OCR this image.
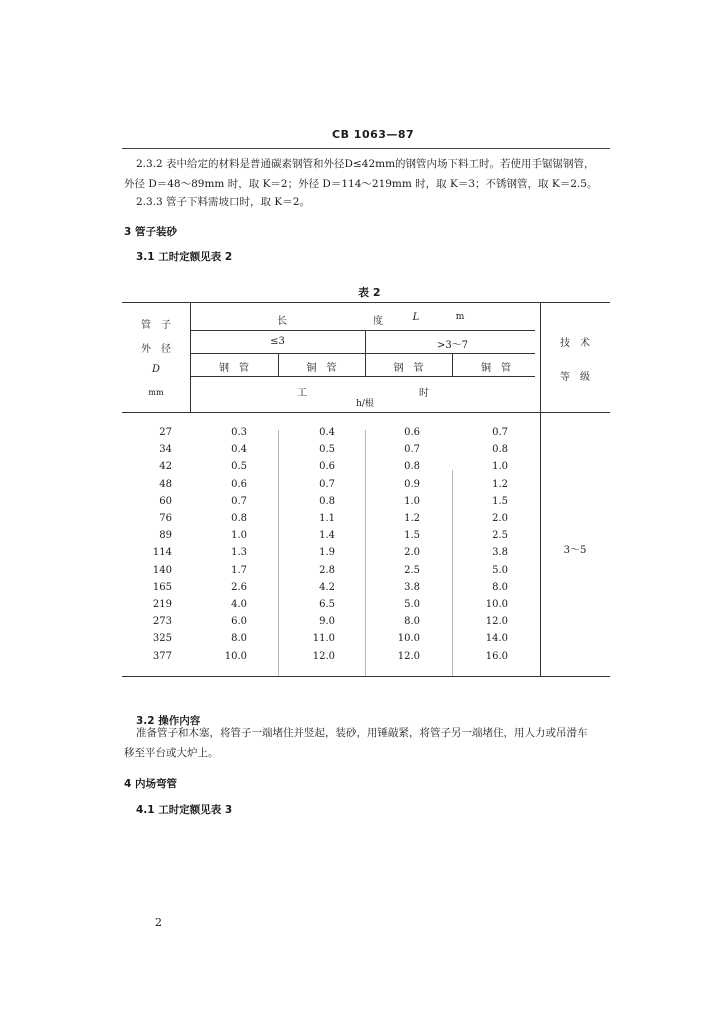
CB 1063—87
2.3.2 表中给定的材料是普通碳素钢管和外径D≤42mm的钢管内场下料工时。若使用手锯锯钢管，
外径 D＝48～89mm 时，取 K＝2；外径 D＝114～219mm 时，取 K＝3；不锈钢管，取 K＝2.5。
2.3.3 管子下料需坡口时，取 K＝2。
3 管子装砂
3.1 工时定额见表 2
表 2
管　子
外　径
D
mm
长	度	L	m
≤3	>3～7
钢　管	铜　管	钢　管	铜　管
工	时
h/根
技　术
等　级
27	0.3	0.4	0.6	0.7
34	0.4	0.5	0.7	0.8
42	0.5	0.6	0.8	1.0
48	0.6	0.7	0.9	1.2
60	0.7	0.8	1.0	1.5
76	0.8	1.1	1.2	2.0
89	1.0	1.4	1.5	2.5
114	1.3	1.9	2.0	3.8
140	1.7	2.8	2.5	5.0
165	2.6	4.2	3.8	8.0
219	4.0	6.5	5.0	10.0
273	6.0	9.0	8.0	12.0
325	8.0	11.0	10.0	14.0
377	10.0	12.0	12.0	16.0
3～5
3.2 操作内容
准备管子和木塞，将管子一端堵住并竖起，装砂，用锤敲紧，将管子另一端堵住，用人力或吊滑车
移至平台或大炉上。
4 内场弯管
4.1 工时定额见表 3
2
